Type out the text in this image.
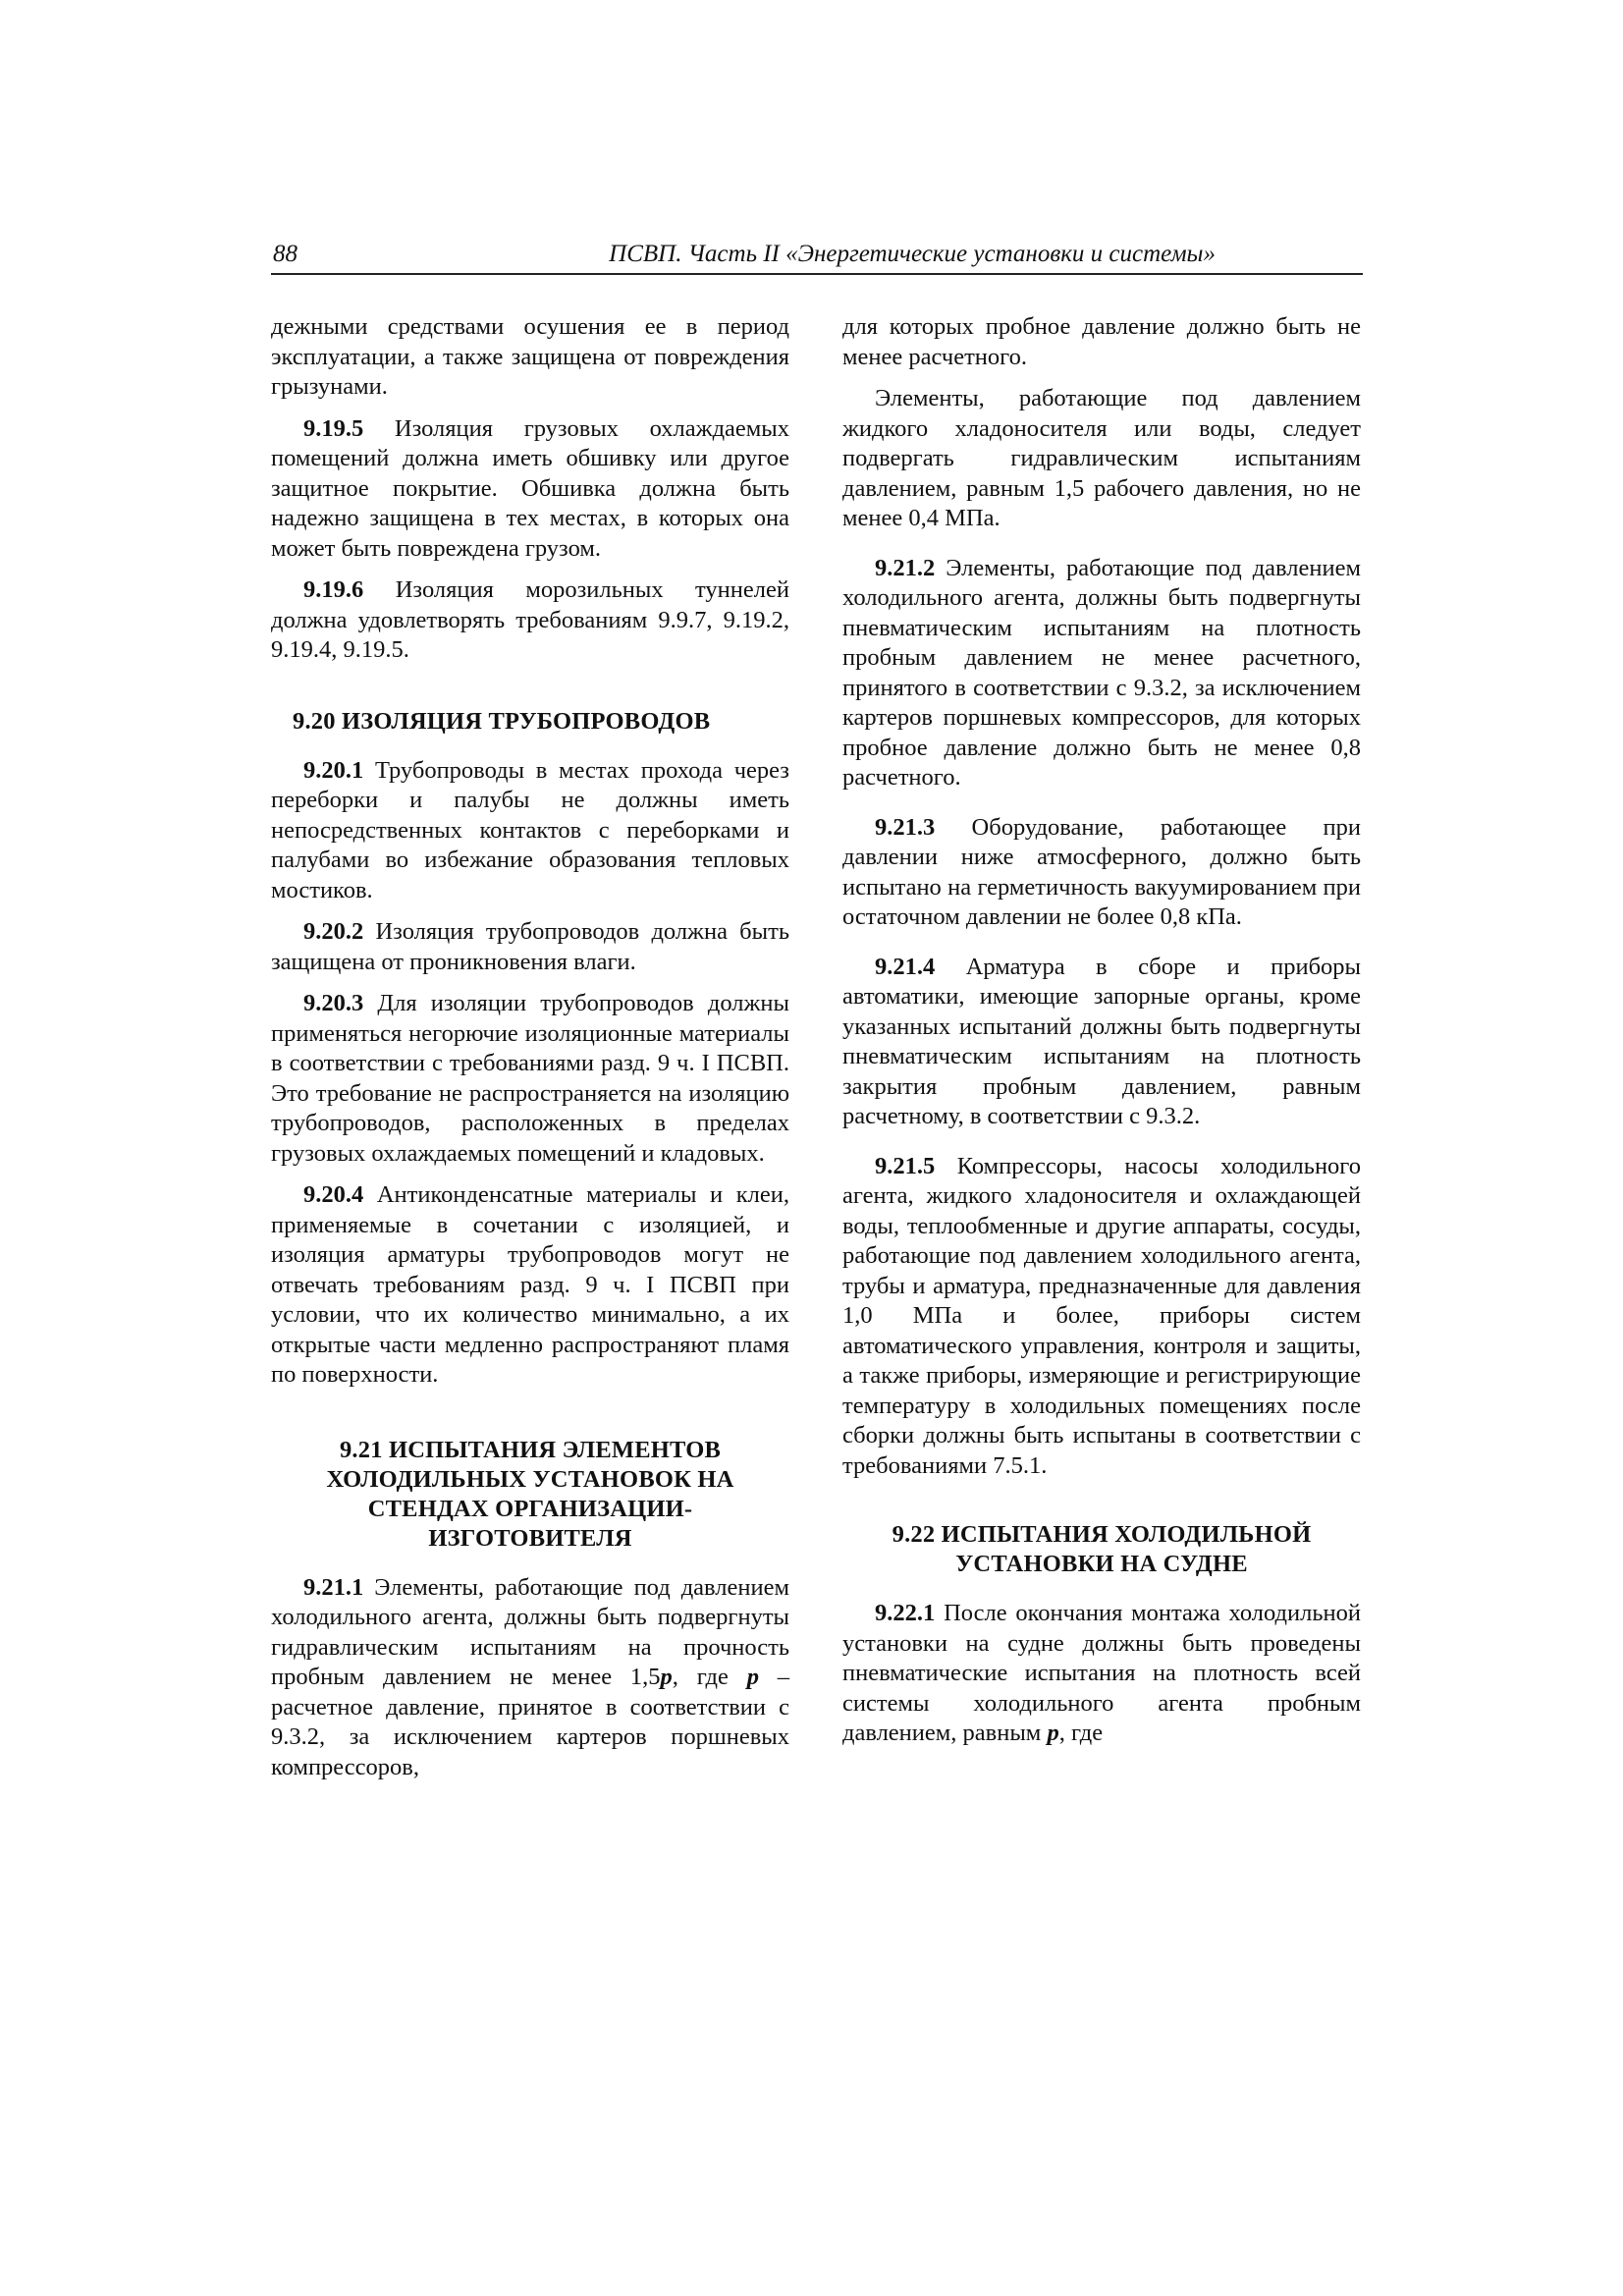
88	ПСВП. Часть II «Энергетические установки и системы»

дежными средствами осушения ее в период эксплуатации, а также защищена от повреждения грызунами.

9.19.5 Изоляция грузовых охлаждаемых помещений должна иметь обшивку или другое защитное покрытие. Обшивка должна быть надежно защищена в тех местах, в которых она может быть повреждена грузом.

9.19.6 Изоляция морозильных туннелей должна удовлетворять требованиям 9.9.7, 9.19.2, 9.19.4, 9.19.5.

9.20 ИЗОЛЯЦИЯ ТРУБОПРОВОДОВ

9.20.1 Трубопроводы в местах прохода через переборки и палубы не должны иметь непосредственных контактов с переборками и палубами во избежание образования тепловых мостиков.

9.20.2 Изоляция трубопроводов должна быть защищена от проникновения влаги.

9.20.3 Для изоляции трубопроводов должны применяться негорючие изоляционные материалы в соответствии с требованиями разд. 9 ч. I ПСВП. Это требование не распространяется на изоляцию трубопроводов, расположенных в пределах грузовых охлаждаемых помещений и кладовых.

9.20.4 Антиконденсатные материалы и клеи, применяемые в сочетании с изоляцией, и изоляция арматуры трубопроводов могут не отвечать требованиям разд. 9 ч. I ПСВП при условии, что их количество минимально, а их открытые части медленно распространяют пламя по поверхности.

9.21 ИСПЫТАНИЯ ЭЛЕМЕНТОВ ХОЛОДИЛЬНЫХ УСТАНОВОК НА СТЕНДАХ ОРГАНИЗАЦИИ-ИЗГОТОВИТЕЛЯ

9.21.1 Элементы, работающие под давлением холодильного агента, должны быть подвергнуты гидравлическим испытаниям на прочность пробным давлением не менее 1,5p, где p – расчетное давление, принятое в соответствии с 9.3.2, за исключением картеров поршневых компрессоров,

для которых пробное давление должно быть не менее расчетного.

Элементы, работающие под давлением жидкого хладоносителя или воды, следует подвергать гидравлическим испытаниям давлением, равным 1,5 рабочего давления, но не менее 0,4 МПа.

9.21.2 Элементы, работающие под давлением холодильного агента, должны быть подвергнуты пневматическим испытаниям на плотность пробным давлением не менее расчетного, принятого в соответствии с 9.3.2, за исключением картеров поршневых компрессоров, для которых пробное давление должно быть не менее 0,8 расчетного.

9.21.3 Оборудование, работающее при давлении ниже атмосферного, должно быть испытано на герметичность вакуумированием при остаточном давлении не более 0,8 кПа.

9.21.4 Арматура в сборе и приборы автоматики, имеющие запорные органы, кроме указанных испытаний должны быть подвергнуты пневматическим испытаниям на плотность закрытия пробным давлением, равным расчетному, в соответствии с 9.3.2.

9.21.5 Компрессоры, насосы холодильного агента, жидкого хладоносителя и охлаждающей воды, теплообменные и другие аппараты, сосуды, работающие под давлением холодильного агента, трубы и арматура, предназначенные для давления 1,0 МПа и более, приборы систем автоматического управления, контроля и защиты, а также приборы, измеряющие и регистрирующие температуру в холодильных помещениях после сборки должны быть испытаны в соответствии с требованиями 7.5.1.

9.22 ИСПЫТАНИЯ ХОЛОДИЛЬНОЙ УСТАНОВКИ НА СУДНЕ

9.22.1 После окончания монтажа холодильной установки на судне должны быть проведены пневматические испытания на плотность всей системы холодильного агента пробным давлением, равным p, где
